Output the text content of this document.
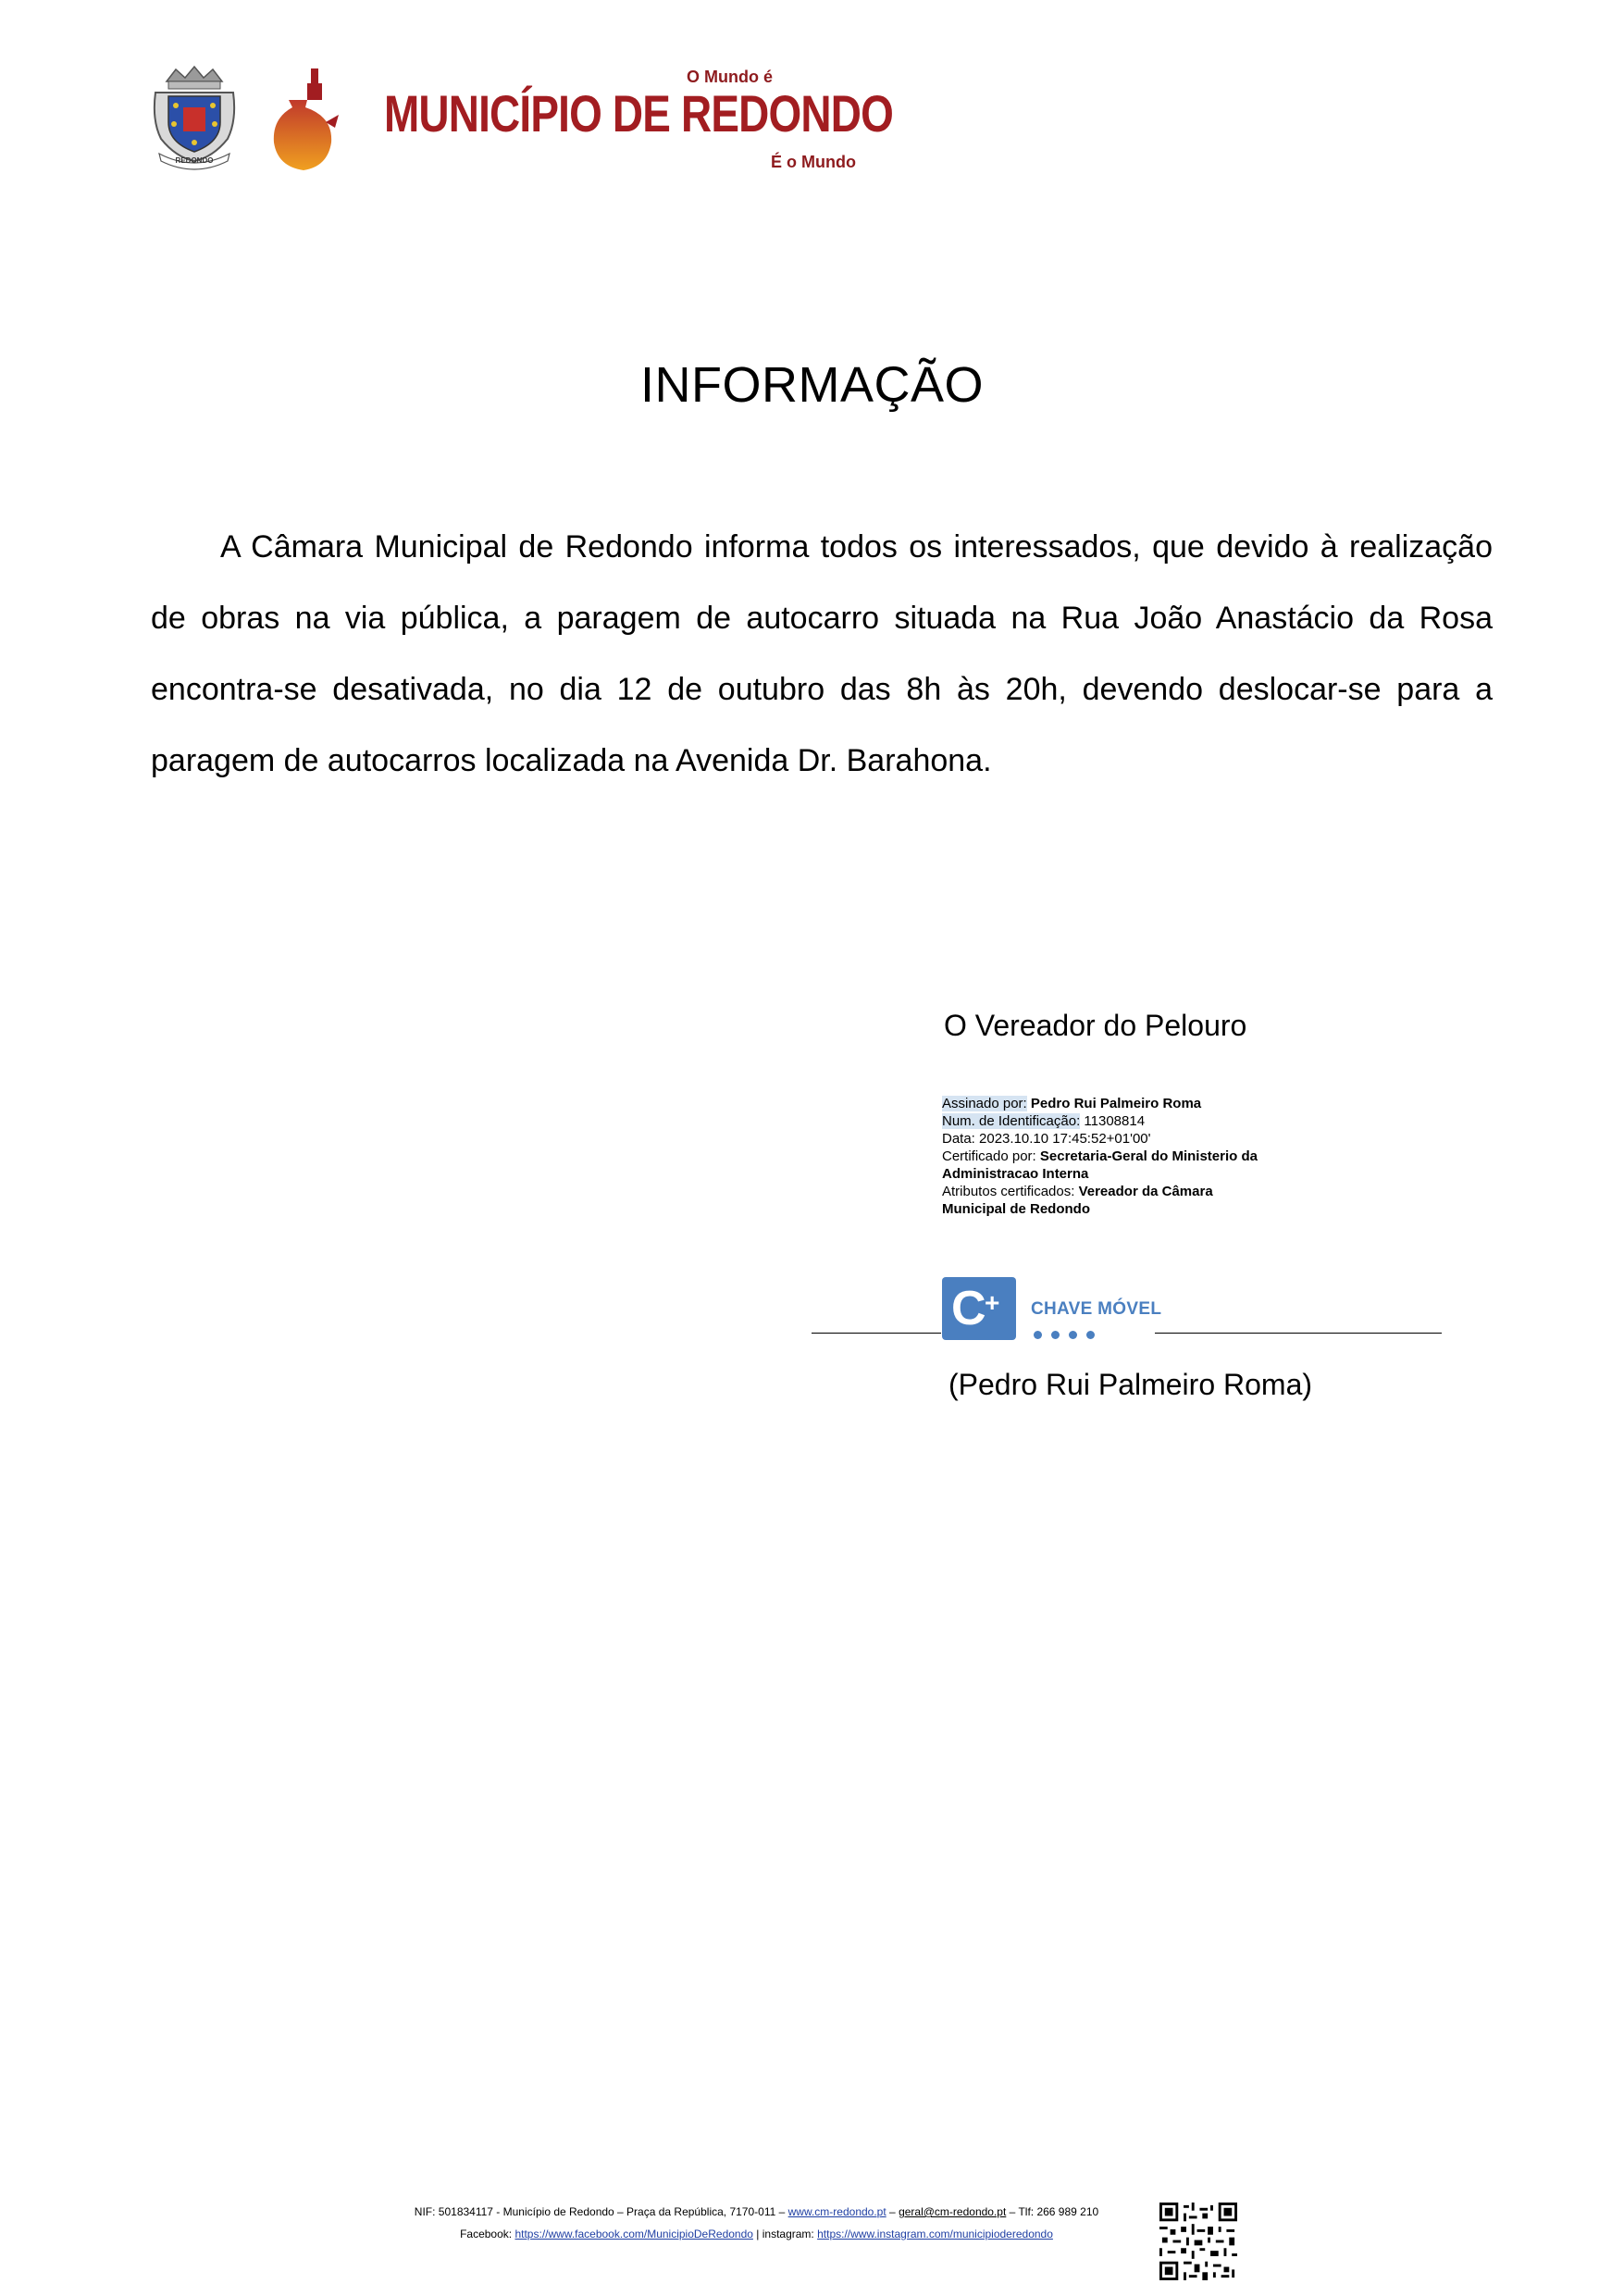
REDONDO
O Mundo é
MUNICÍPIO DE REDONDO
É o Mundo
INFORMAÇÃO

A Câmara Municipal de Redondo informa todos os interessados, que devido à realização de obras na via pública, a paragem de autocarro situada na Rua João Anastácio da Rosa encontra-se desativada, no dia 12 de outubro das 8h às 20h, devendo deslocar-se para a paragem de autocarros localizada na Avenida Dr. Barahona.

O Vereador do Pelouro
Assinado por: Pedro Rui Palmeiro Roma
Num. de Identificação: 11308814
Data: 2023.10.10 17:45:52+01'00'
Certificado por: Secretaria-Geral do Ministerio da
Administracao Interna
Atributos certificados: Vereador da Câmara
Municipal de Redondo
C
+ CHAVE MÓVEL
(Pedro Rui Palmeiro Roma)
NIF: 501834117 - Município de Redondo – Praça da República, 7170-011 – www.cm-redondo.pt – geral@cm-redondo.pt – Tlf: 266 989 210
Facebook: https://www.facebook.com/MunicipioDeRedondo | instagram: https://www.instagram.com/municipioderedondo
